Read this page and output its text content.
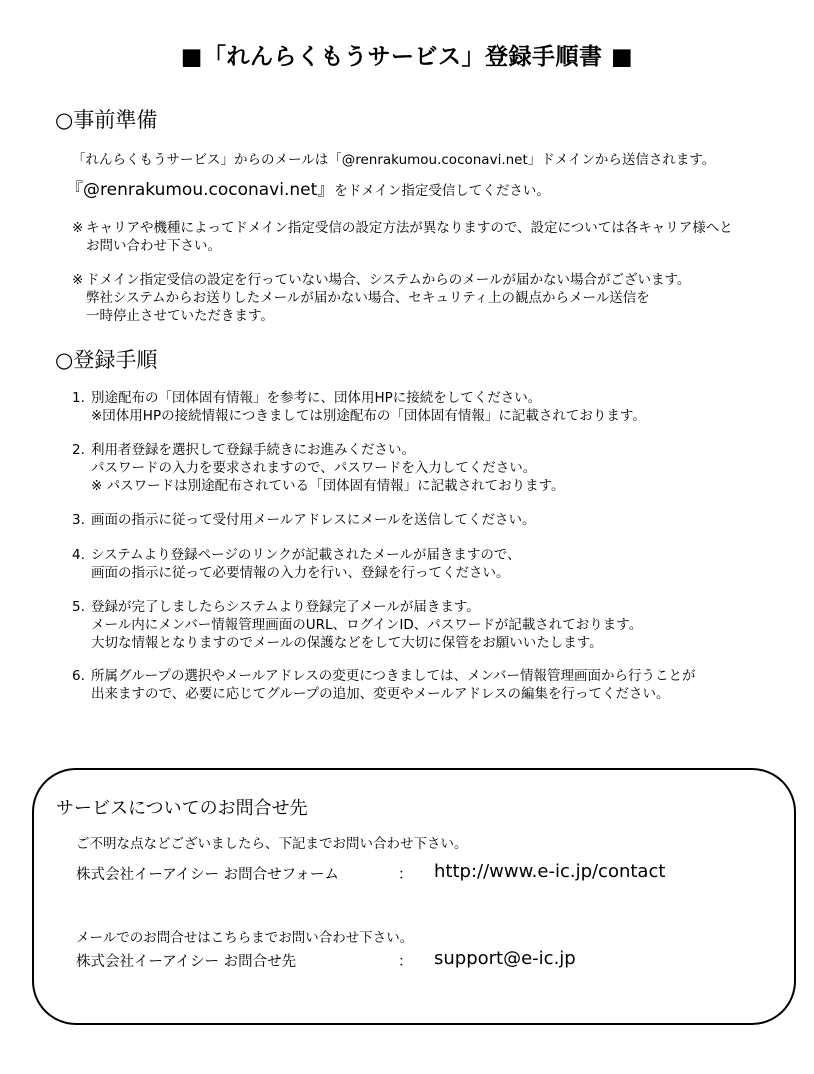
■「れんらくもうサービス」登録手順書 ■
○事前準備
「れんらくもうサービス」からのメールは「@renrakumou.coconavi.net」ドメインから送信されます。
『@renrakumou.coconavi.net』をドメイン指定受信してください。
※ キャリアや機種によってドメイン指定受信の設定方法が異なりますので、設定については各キャリア様へと
お問い合わせ下さい。
※ ドメイン指定受信の設定を行っていない場合、システムからのメールが届かない場合がございます。
弊社システムからお送りしたメールが届かない場合、セキュリティ上の観点からメール送信を
一時停止させていただきます。
○登録手順
1. 別途配布の「団体固有情報」を参考に、団体用HPに接続をしてください。
※団体用HPの接続情報につきましては別途配布の「団体固有情報」に記載されております。
2. 利用者登録を選択して登録手続きにお進みください。
パスワードの入力を要求されますので、パスワードを入力してください。
※ パスワードは別途配布されている「団体固有情報」に記載されております。
3. 画面の指示に従って受付用メールアドレスにメールを送信してください。
4. システムより登録ページのリンクが記載されたメールが届きますので、
画面の指示に従って必要情報の入力を行い、登録を行ってください。
5. 登録が完了しましたらシステムより登録完了メールが届きます。
メール内にメンバー情報管理画面のURL、ログインID、パスワードが記載されております。
大切な情報となりますのでメールの保護などをして大切に保管をお願いいたします。
6. 所属グループの選択やメールアドレスの変更につきましては、メンバー情報管理画面から行うことが
出来ますので、必要に応じてグループの追加、変更やメールアドレスの編集を行ってください。
サービスについてのお問合せ先
ご不明な点などございましたら、下記までお問い合わせ下さい。
株式会社イーアイシー お問合せフォーム	： http://www.e-ic.jp/contact
メールでのお問合せはこちらまでお問い合わせ下さい。
株式会社イーアイシー お問合せ先	： support@e-ic.jp
